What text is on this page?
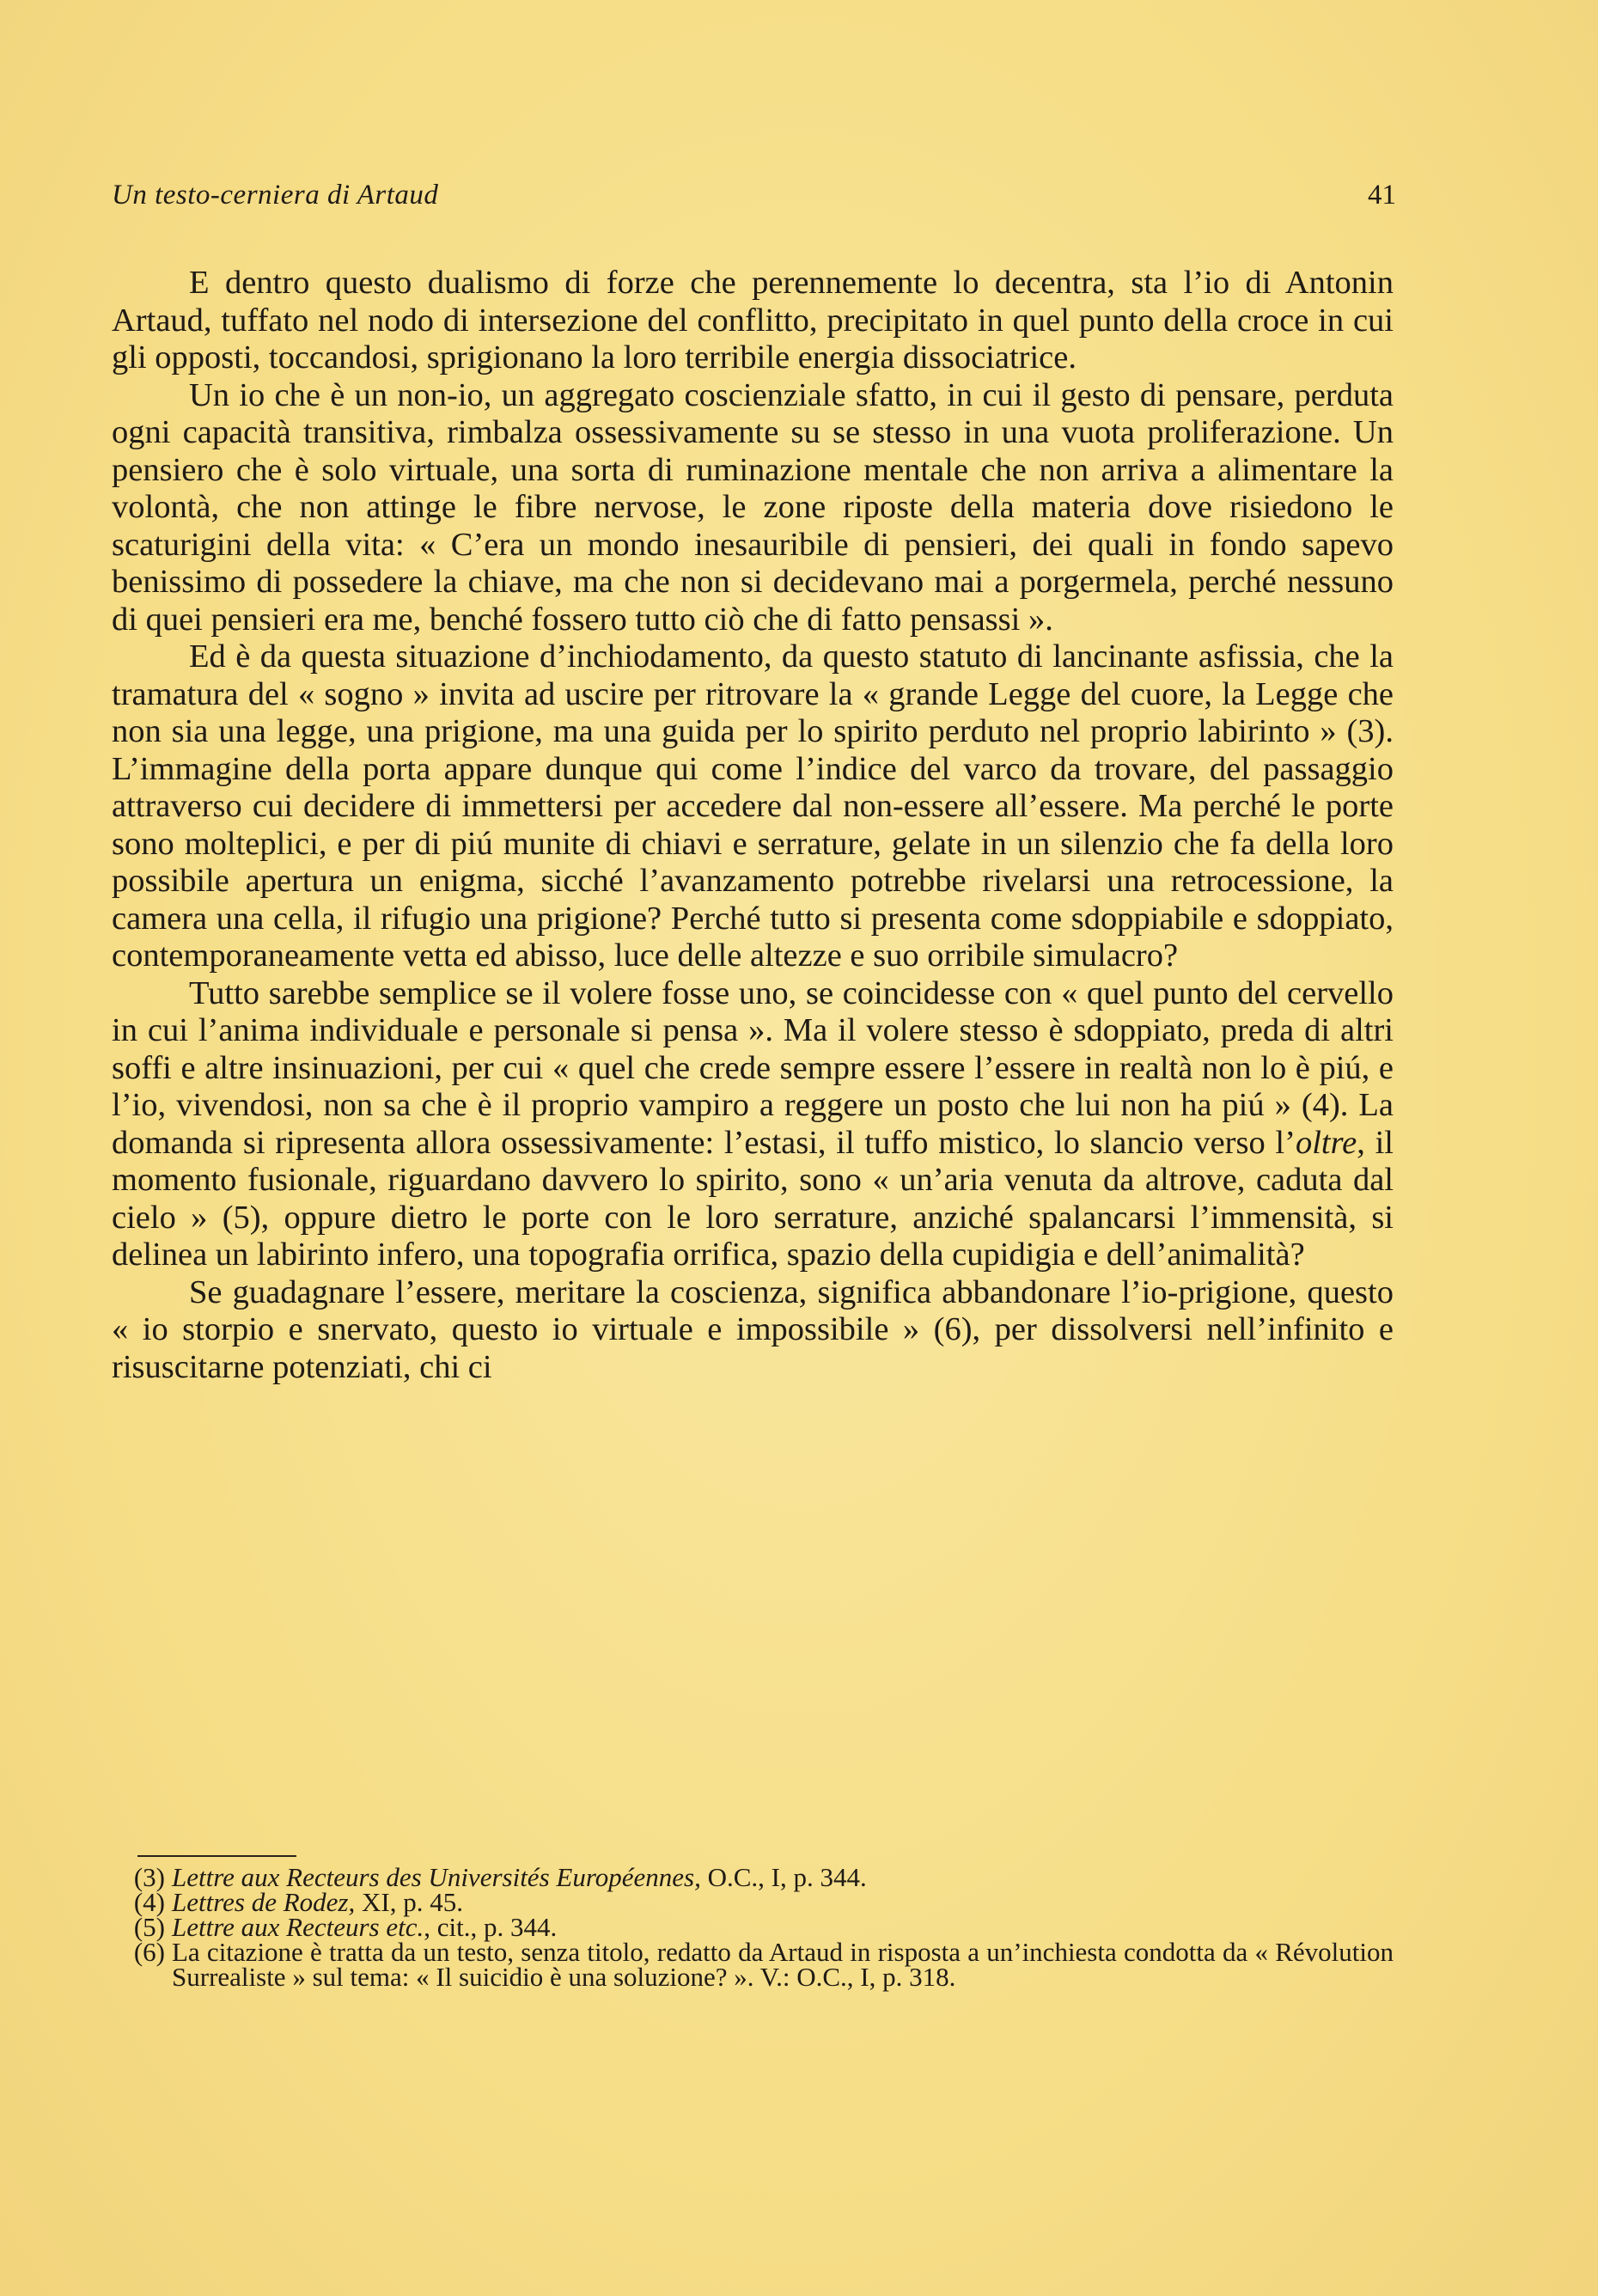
Un testo-cerniera di Artaud	41

E dentro questo dualismo di forze che perennemente lo decentra, sta l’io di Antonin Artaud, tuffato nel nodo di intersezione del conflitto, precipitato in quel punto della croce in cui gli opposti, toccandosi, sprigionano la loro terribile energia dissociatrice.

Un io che è un non-io, un aggregato coscienziale sfatto, in cui il gesto di pensare, perduta ogni capacità transitiva, rimbalza ossessivamente su se stesso in una vuota proliferazione. Un pensiero che è solo virtuale, una sorta di ruminazione mentale che non arriva a alimentare la volontà, che non attinge le fibre nervose, le zone riposte della materia dove risiedono le scaturigini della vita: « C’era un mondo inesauribile di pensieri, dei quali in fondo sapevo benissimo di possedere la chiave, ma che non si decidevano mai a porgermela, perché nessuno di quei pensieri era me, benché fossero tutto ciò che di fatto pensassi ».

Ed è da questa situazione d’inchiodamento, da questo statuto di lancinante asfissia, che la tramatura del « sogno » invita ad uscire per ritrovare la « grande Legge del cuore, la Legge che non sia una legge, una prigione, ma una guida per lo spirito perduto nel proprio labirinto » (3). L’immagine della porta appare dunque qui come l’indice del varco da trovare, del passaggio attraverso cui decidere di immettersi per accedere dal non-essere all’essere. Ma perché le porte sono molteplici, e per di piú munite di chiavi e serrature, gelate in un silenzio che fa della loro possibile apertura un enigma, sicché l’avanzamento potrebbe rivelarsi una retrocessione, la camera una cella, il rifugio una prigione? Perché tutto si presenta come sdoppiabile e sdoppiato, contemporaneamente vetta ed abisso, luce delle altezze e suo orribile simulacro?

Tutto sarebbe semplice se il volere fosse uno, se coincidesse con « quel punto del cervello in cui l’anima individuale e personale si pensa ». Ma il volere stesso è sdoppiato, preda di altri soffi e altre insinuazioni, per cui « quel che crede sempre essere l’essere in realtà non lo è piú, e l’io, vivendosi, non sa che è il proprio vampiro a reggere un posto che lui non ha piú » (4). La domanda si ripresenta allora ossessivamente: l’estasi, il tuffo mistico, lo slancio verso l’oltre, il momento fusionale, riguardano davvero lo spirito, sono « un’aria venuta da altrove, caduta dal cielo » (5), oppure dietro le porte con le loro serrature, anziché spalancarsi l’immensità, si delinea un labirinto infero, una topografia orrifica, spazio della cupidigia e dell’animalità?

Se guadagnare l’essere, meritare la coscienza, significa abbandonare l’io-prigione, questo « io storpio e snervato, questo io virtuale e impossibile » (6), per dissolversi nell’infinito e risuscitarne potenziati, chi ci

(3) Lettre aux Recteurs des Universités Européennes, O.C., I, p. 344.

(4) Lettres de Rodez, XI, p. 45.

(5) Lettre aux Recteurs etc., cit., p. 344.

(6) La citazione è tratta da un testo, senza titolo, redatto da Artaud in risposta a un’inchiesta condotta da « Révolution Surrealiste » sul tema: « Il suicidio è una soluzione? ». V.: O.C., I, p. 318.
